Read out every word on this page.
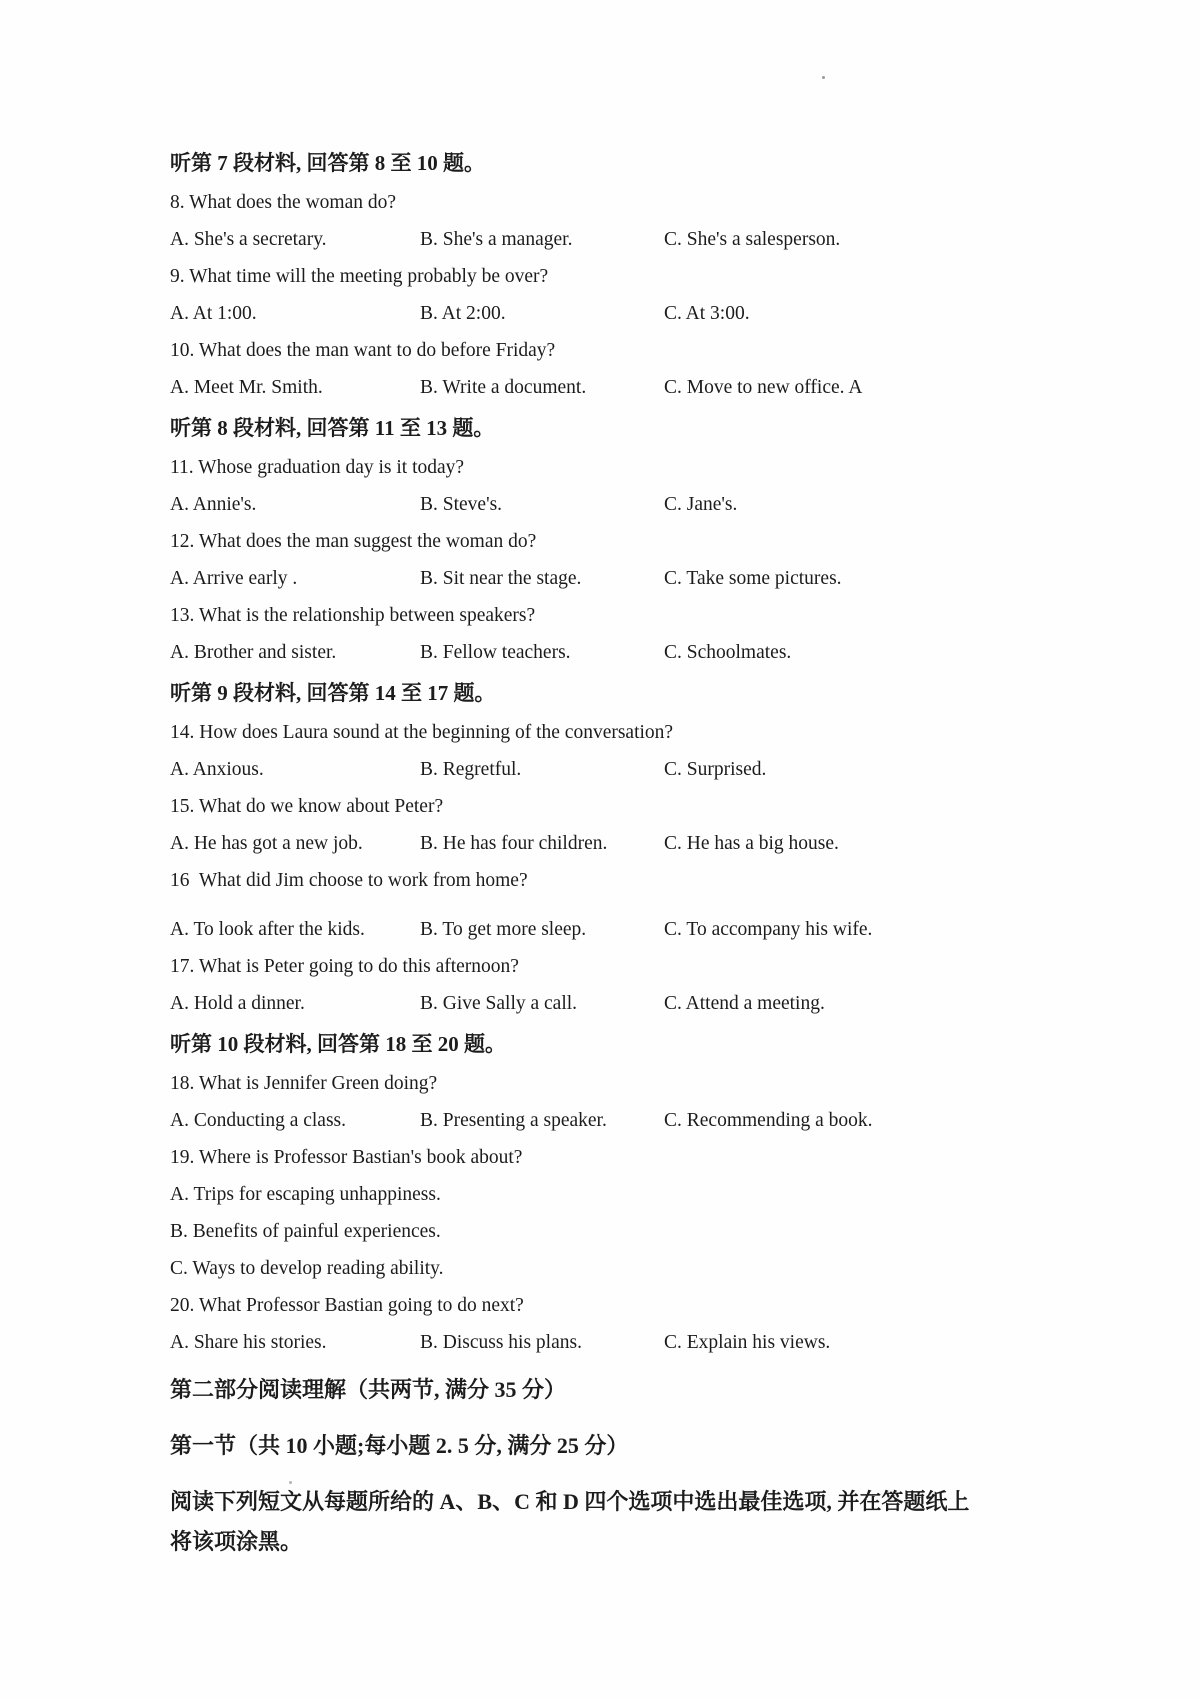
听第 7 段材料, 回答第 8 至 10 题。
8. What does the woman do?
A. She's a secretary.	B. She's a manager.	C. She's a salesperson.
9. What time will the meeting probably be over?
A. At 1:00.	B. At 2:00.	C. At 3:00.
10. What does the man want to do before Friday?
A. Meet Mr. Smith.	B. Write a document.	C. Move to new office. A
听第 8 段材料, 回答第 11 至 13 题。
11. Whose graduation day is it today?
A. Annie's.	B. Steve's.	C. Jane's.
12. What does the man suggest the woman do?
A. Arrive early .	B. Sit near the stage.	C. Take some pictures.
13. What is the relationship between speakers?
A. Brother and sister.	B. Fellow teachers.	C. Schoolmates.
听第 9 段材料, 回答第 14 至 17 题。
14. How does Laura sound at the beginning of the conversation?
A. Anxious.	B. Regretful.	C. Surprised.
15. What do we know about Peter?
A. He has got a new job.	B. He has four children.	C. He has a big house.
16  What did Jim choose to work from home?
A. To look after the kids.	B. To get more sleep.	C. To accompany his wife.
17. What is Peter going to do this afternoon?
A. Hold a dinner.	B. Give Sally a call.	C. Attend a meeting.
听第 10 段材料, 回答第 18 至 20 题。
18. What is Jennifer Green doing?
A. Conducting a class.	B. Presenting a speaker.	C. Recommending a book.
19. Where is Professor Bastian's book about?
A. Trips for escaping unhappiness.
B. Benefits of painful experiences.
C. Ways to develop reading ability.
20. What Professor Bastian going to do next?
A. Share his stories.	B. Discuss his plans.	C. Explain his views.
第二部分阅读理解（共两节, 满分 35 分）
第一节（共 10 小题;每小题 2. 5 分, 满分 25 分）
阅读下列短文从每题所给的 A、B、C 和 D 四个选项中选出最佳选项, 并在答题纸上将该项涂黑。
